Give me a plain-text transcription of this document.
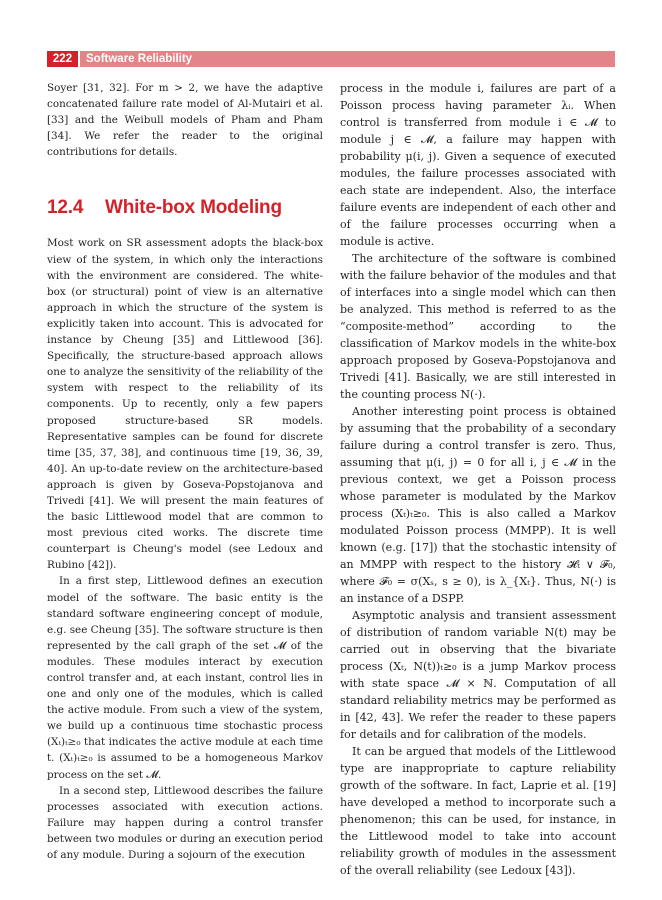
222	Software Reliability

Soyer [31, 32]. For m > 2, we have the adaptive concatenated failure rate model of Al-Mutairi et al. [33] and the Weibull models of Pham and Pham [34]. We refer the reader to the original contributions for details.

12.4 White-box Modeling

Most work on SR assessment adopts the black-box view of the system, in which only the interactions with the environment are considered. The white-box (or structural) point of view is an alternative approach in which the structure of the system is explicitly taken into account. This is advocated for instance by Cheung [35] and Littlewood [36]. Specifically, the structure-based approach allows one to analyze the sensitivity of the reliability of the system with respect to the reliability of its components. Up to recently, only a few papers proposed structure-based SR models. Representative samples can be found for discrete time [35, 37, 38], and continuous time [19, 36, 39, 40]. An up-to-date review on the architecture-based approach is given by Goseva-Popstojanova and Trivedi [41]. We will present the main features of the basic Littlewood model that are common to most previous cited works. The discrete time counterpart is Cheung's model (see Ledoux and Rubino [42]).

In a first step, Littlewood defines an execution model of the software. The basic entity is the standard software engineering concept of module, e.g. see Cheung [35]. The software structure is then represented by the call graph of the set 𝓜 of the modules. These modules interact by execution control transfer and, at each instant, control lies in one and only one of the modules, which is called the active module. From such a view of the system, we build up a continuous time stochastic process (Xₜ)ₜ≥₀ that indicates the active module at each time t. (Xₜ)ₜ≥₀ is assumed to be a homogeneous Markov process on the set 𝓜.

In a second step, Littlewood describes the failure processes associated with execution actions. Failure may happen during a control transfer between two modules or during an execution period of any module. During a sojourn of the execution

process in the module i, failures are part of a Poisson process having parameter λᵢ. When control is transferred from module i ∈ 𝓜 to module j ∈ 𝓜, a failure may happen with probability μ(i, j). Given a sequence of executed modules, the failure processes associated with each state are independent. Also, the interface failure events are independent of each other and of the failure processes occurring when a module is active.

The architecture of the software is combined with the failure behavior of the modules and that of interfaces into a single model which can then be analyzed. This method is referred to as the “composite-method” according to the classification of Markov models in the white-box approach proposed by Goseva-Popstojanova and Trivedi [41]. Basically, we are still interested in the counting process N(·).

Another interesting point process is obtained by assuming that the probability of a secondary failure during a control transfer is zero. Thus, assuming that μ(i, j) = 0 for all i, j ∈ 𝓜 in the previous context, we get a Poisson process whose parameter is modulated by the Markov process (Xₜ)ₜ≥₀. This is also called a Markov modulated Poisson process (MMPP). It is well known (e.g. [17]) that the stochastic intensity of an MMPP with respect to the history 𝓗ₜ ∨ 𝓕₀, where 𝓕₀ = σ(Xₛ, s ≥ 0), is λ_{Xₜ}. Thus, N(·) is an instance of a DSPP.

Asymptotic analysis and transient assessment of distribution of random variable N(t) may be carried out in observing that the bivariate process (Xₜ, N(t))ₜ≥₀ is a jump Markov process with state space 𝓜 × ℕ. Computation of all standard reliability metrics may be performed as in [42, 43]. We refer the reader to these papers for details and for calibration of the models.

It can be argued that models of the Littlewood type are inappropriate to capture reliability growth of the software. In fact, Laprie et al. [19] have developed a method to incorporate such a phenomenon; this can be used, for instance, in the Littlewood model to take into account reliability growth of modules in the assessment of the overall reliability (see Ledoux [43]).
